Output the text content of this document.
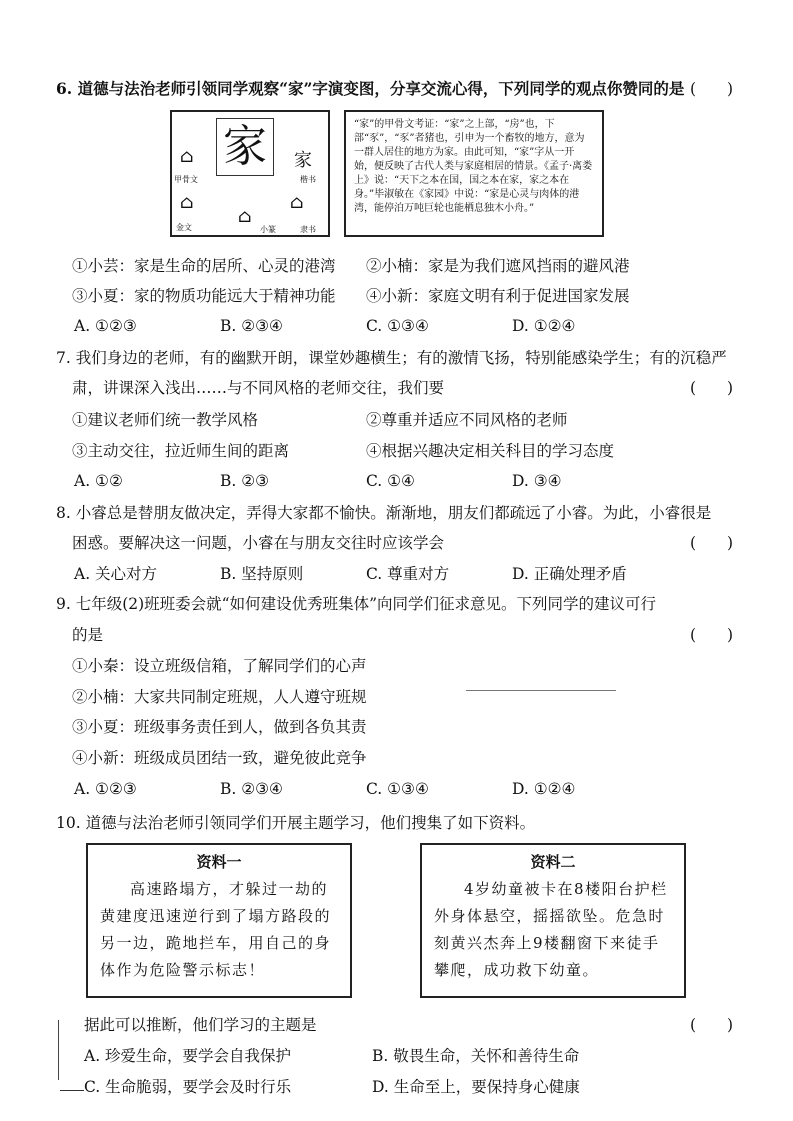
6. 道德与法治老师引领同学观察“家”字演变图，分享交流心得，下列同学的观点你赞同的是 (　　)
家
⌂
甲骨文
家
楷书
⌂
金文
⌂
小篆
⌂
隶书
“家”的甲骨文考证：“家”之上部，“房”也，下部“豕”，“豕”者猪也，引申为一个畜牧的地方，意为一群人居住的地方为家。由此可知，“家”字从一开始，便反映了古代人类与家庭相居的情景。《孟子·离娄上》说：“天下之本在国，国之本在家，家之本在身。”毕淑敏在《家园》中说：“家是心灵与肉体的港湾，能停泊万吨巨轮也能栖息独木小舟。”
①小芸：家是生命的居所、心灵的港湾 ②小楠：家是为我们遮风挡雨的避风港
③小夏：家的物质功能远大于精神功能 ④小新：家庭文明有利于促进国家发展
A. ①②③	B. ②③④	C. ①③④	D. ①②④
7. 我们身边的老师，有的幽默开朗，课堂妙趣横生；有的激情飞扬，特别能感染学生；有的沉稳严
肃，讲课深入浅出……与不同风格的老师交往，我们要	(　　)
①建议老师们统一教学风格	②尊重并适应不同风格的老师
③主动交往，拉近师生间的距离	④根据兴趣决定相关科目的学习态度
A. ①②	B. ②③	C. ①④	D. ③④
8. 小睿总是替朋友做决定，弄得大家都不愉快。渐渐地，朋友们都疏远了小睿。为此，小睿很是
困惑。要解决这一问题，小睿在与朋友交往时应该学会	(　　)
A. 关心对方	B. 坚持原则	C. 尊重对方	D. 正确处理矛盾
9. 七年级(2)班班委会就“如何建设优秀班集体”向同学们征求意见。下列同学的建议可行
的是	(　　)
①小秦：设立班级信箱，了解同学们的心声
②小楠：大家共同制定班规，人人遵守班规
③小夏：班级事务责任到人，做到各负其责
④小新：班级成员团结一致，避免彼此竞争
A. ①②③	B. ②③④	C. ①③④	D. ①②④
10. 道德与法治老师引领同学们开展主题学习，他们搜集了如下资料。
资料一
高速路塌方，才躲过一劫的黄建度迅速逆行到了塌方路段的另一边，跪地拦车，用自己的身体作为危险警示标志！
资料二
4岁幼童被卡在8楼阳台护栏外身体悬空，摇摇欲坠。危急时刻黄兴杰奔上9楼翻窗下来徒手攀爬，成功救下幼童。
据此可以推断，他们学习的主题是	(　　)
A. 珍爱生命，要学会自我保护	B. 敬畏生命，关怀和善待生命
C. 生命脆弱，要学会及时行乐	D. 生命至上，要保持身心健康
